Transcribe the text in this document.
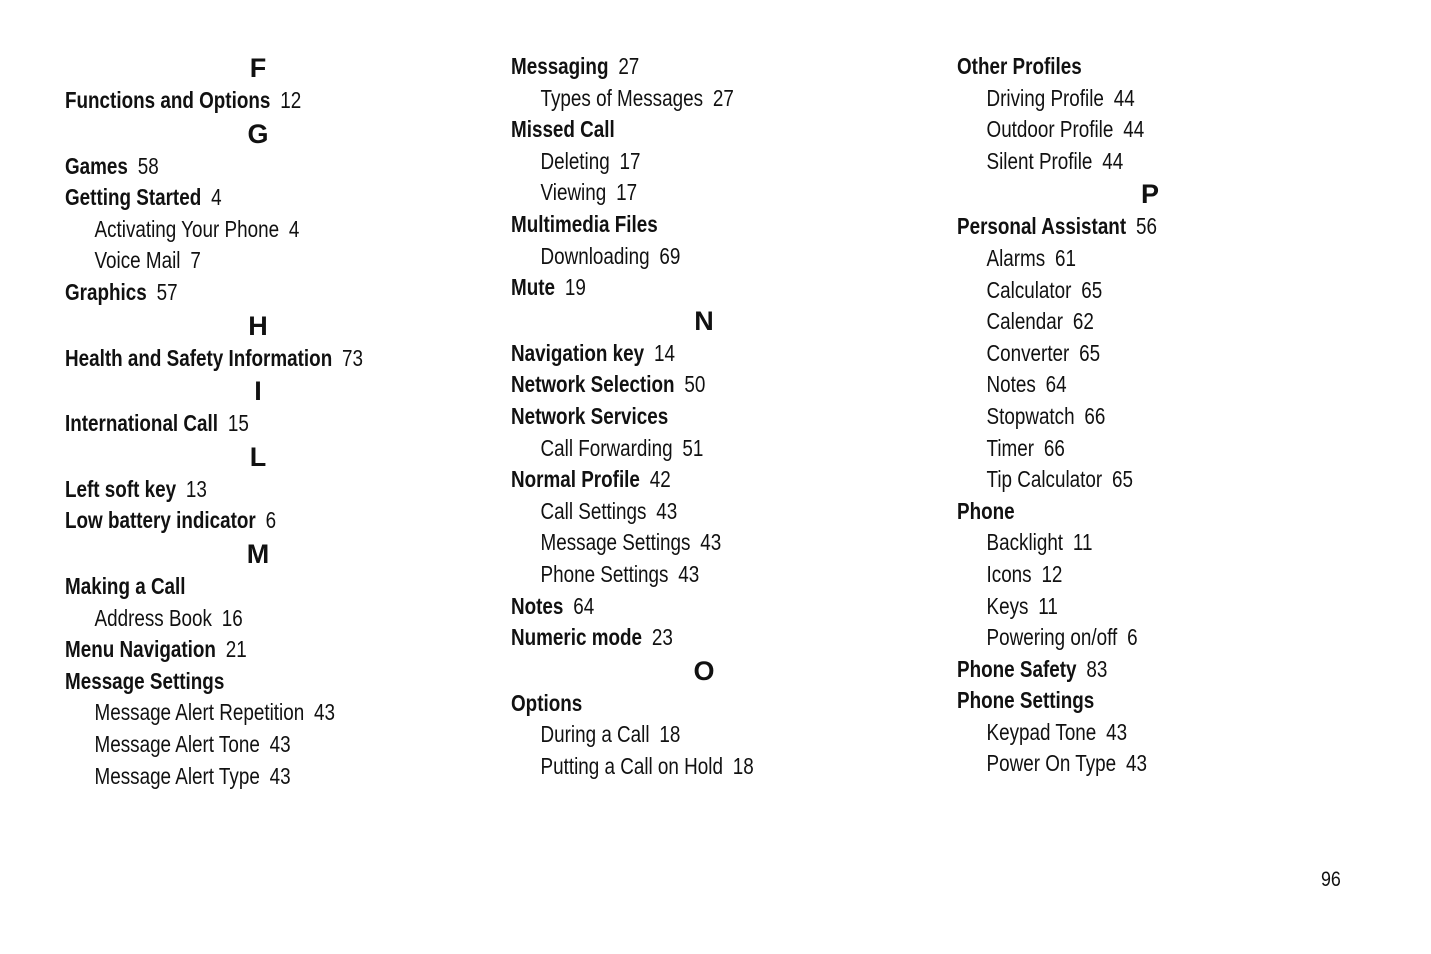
F
Functions and Options 12
G
Games 58
Getting Started 4
Activating Your Phone 4
Voice Mail 7
Graphics 57
H
Health and Safety Information 73
I
International Call 15
L
Left soft key 13
Low battery indicator 6
M
Making a Call
Address Book 16
Menu Navigation 21
Message Settings
Message Alert Repetition 43
Message Alert Tone 43
Message Alert Type 43
Messaging 27
Types of Messages 27
Missed Call
Deleting 17
Viewing 17
Multimedia Files
Downloading 69
Mute 19
N
Navigation key 14
Network Selection 50
Network Services
Call Forwarding 51
Normal Profile 42
Call Settings 43
Message Settings 43
Phone Settings 43
Notes 64
Numeric mode 23
O
Options
During a Call 18
Putting a Call on Hold 18
Other Profiles
Driving Profile 44
Outdoor Profile 44
Silent Profile 44
P
Personal Assistant 56
Alarms 61
Calculator 65
Calendar 62
Converter 65
Notes 64
Stopwatch 66
Timer 66
Tip Calculator 65
Phone
Backlight 11
Icons 12
Keys 11
Powering on/off 6
Phone Safety 83
Phone Settings
Keypad Tone 43
Power On Type 43
96
